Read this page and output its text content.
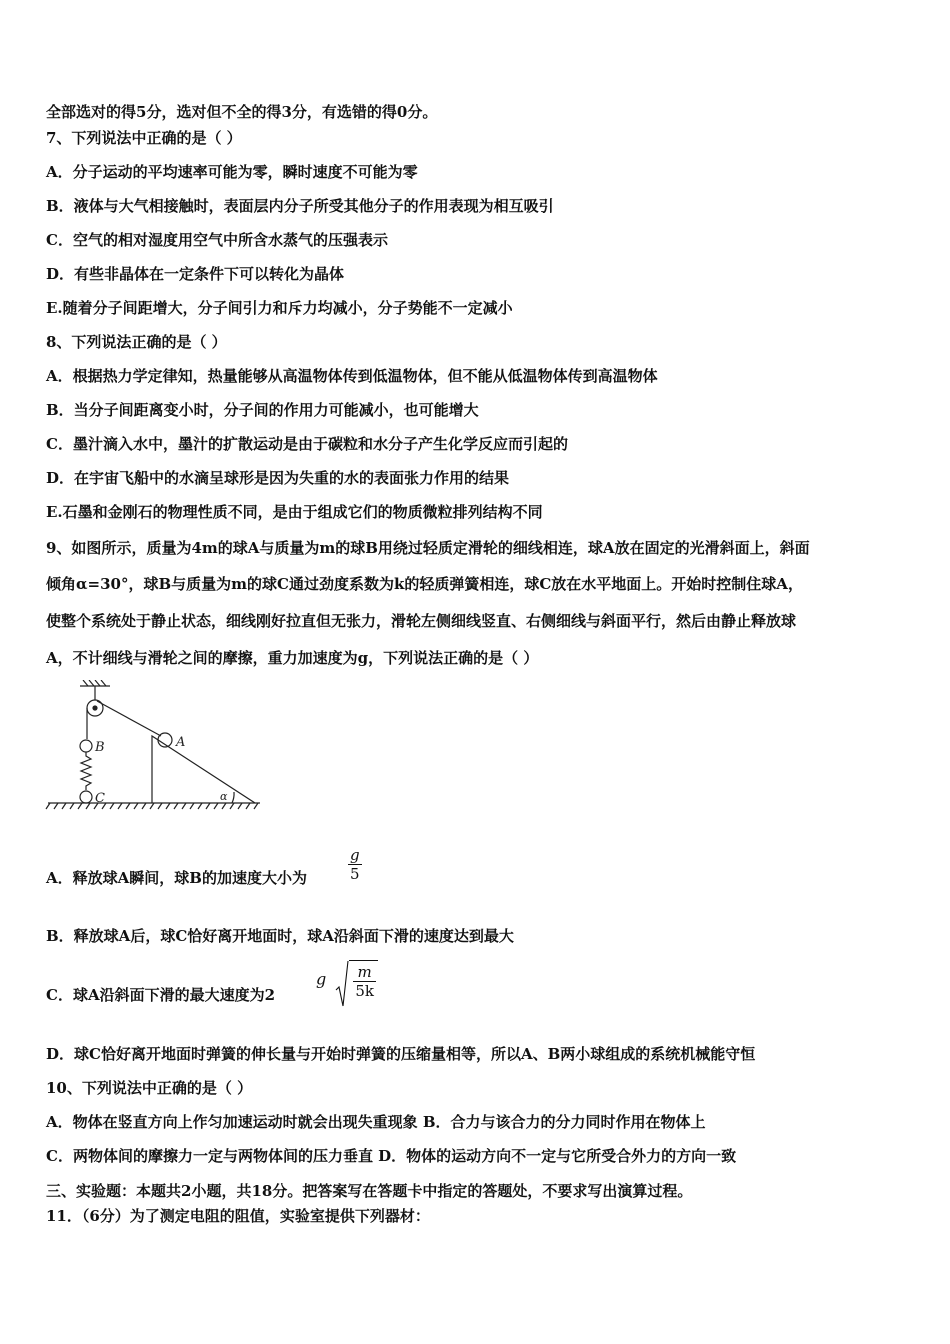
全部选对的得5分，选对但不全的得3分，有选错的得0分。
7、下列说法中正确的是（ ）
A．分子运动的平均速率可能为零，瞬时速度不可能为零
B．液体与大气相接触时，表面层内分子所受其他分子的作用表现为相互吸引
C．空气的相对湿度用空气中所含水蒸气的压强表示
D．有些非晶体在一定条件下可以转化为晶体
E.随着分子间距增大，分子间引力和斥力均减小，分子势能不一定减小
8、下列说法正确的是（ ）
A．根据热力学定律知，热量能够从高温物体传到低温物体，但不能从低温物体传到高温物体
B．当分子间距离变小时，分子间的作用力可能减小，也可能增大
C．墨汁滴入水中，墨汁的扩散运动是由于碳粒和水分子产生化学反应而引起的
D．在宇宙飞船中的水滴呈球形是因为失重的水的表面张力作用的结果
E.石墨和金刚石的物理性质不同，是由于组成它们的物质微粒排列结构不同
9、如图所示，质量为4m的球A与质量为m的球B用绕过轻质定滑轮的细线相连，球A放在固定的光滑斜面上，斜面
倾角α=30°，球B与质量为m的球C通过劲度系数为k的轻质弹簧相连，球C放在水平地面上。开始时控制住球A，
使整个系统处于静止状态，细线刚好拉直但无张力，滑轮左侧细线竖直、右侧细线与斜面平行，然后由静止释放球
A，不计细线与滑轮之间的摩擦，重力加速度为g，下列说法正确的是（ ）
B
C
A
α
A．释放球A瞬间，球B的加速度大小为	$\frac{g}{5}$
B．释放球A后，球C恰好离开地面时，球A沿斜面下滑的速度达到最大
C．球A沿斜面下滑的最大速度为2
g $\frac{m}{5k}$
D．球C恰好离开地面时弹簧的伸长量与开始时弹簧的压缩量相等，所以A、B两小球组成的系统机械能守恒
10、下列说法中正确的是（ ）
A．物体在竖直方向上作匀加速运动时就会出现失重现象 B．合力与该合力的分力同时作用在物体上
C．两物体间的摩擦力一定与两物体间的压力垂直 D．物体的运动方向不一定与它所受合外力的方向一致
三、实验题：本题共2小题，共18分。把答案写在答题卡中指定的答题处，不要求写出演算过程。
11．（6分）为了测定电阻的阻值，实验室提供下列器材：
